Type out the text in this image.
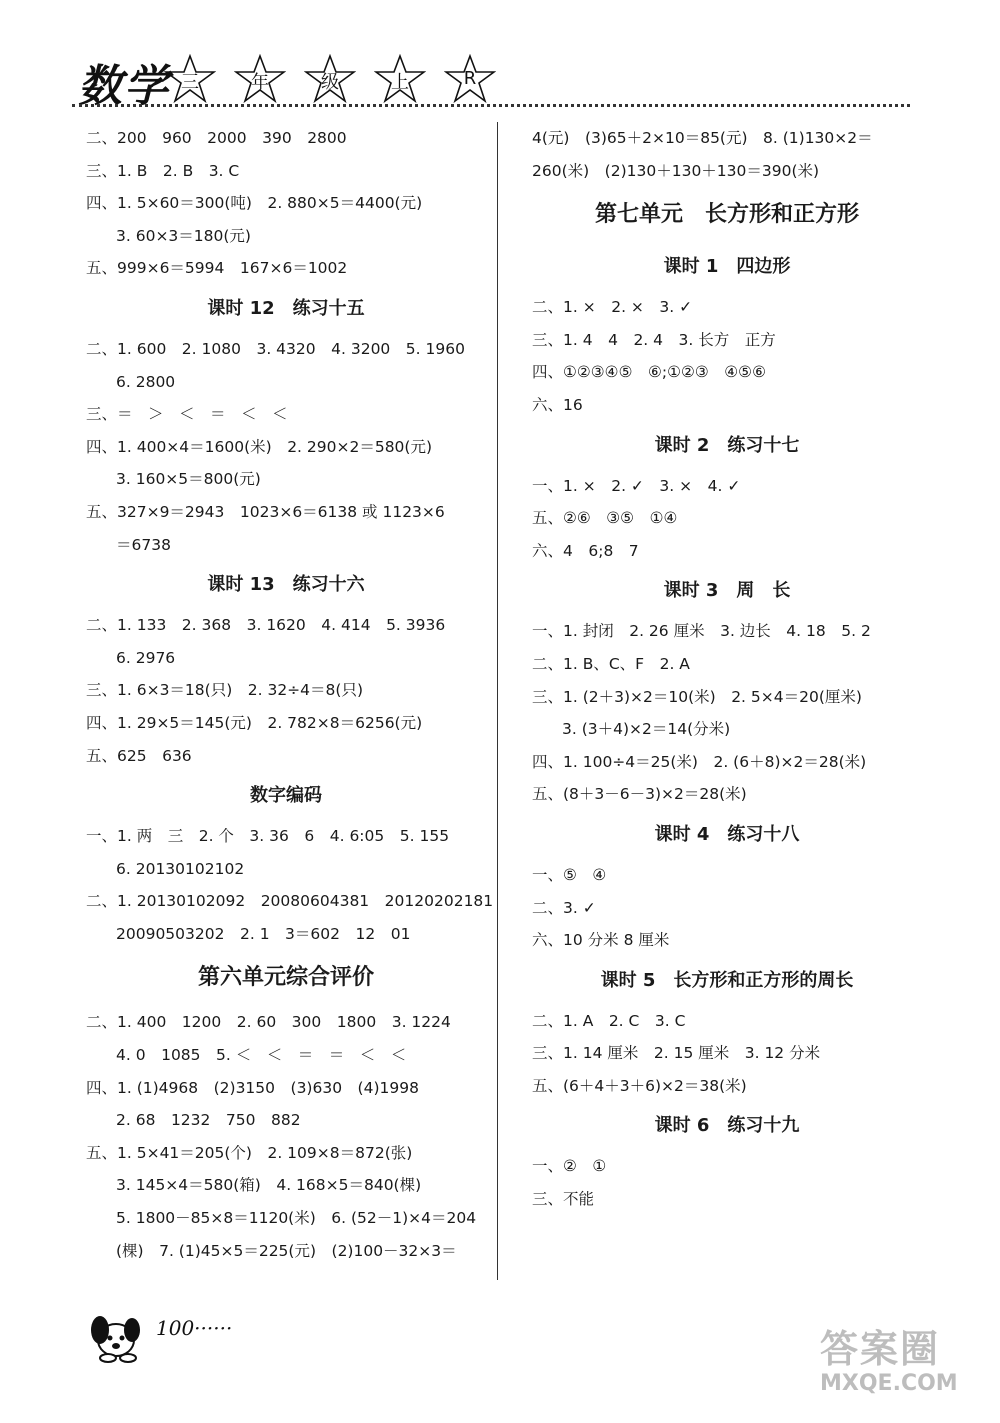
数学 三	年	级	上	R
二、200　960　2000　390　2800
三、1. B　2. B　3. C
四、1. 5×60＝300(吨)　2. 880×5＝4400(元)
3. 60×3＝180(元)
五、999×6＝5994　167×6＝1002
课时 12　练习十五
二、1. 600　2. 1080　3. 4320　4. 3200　5. 1960
6. 2800
三、＝　＞　＜　＝　＜　＜
四、1. 400×4＝1600(米)　2. 290×2＝580(元)
3. 160×5＝800(元)
五、327×9＝2943　1023×6＝6138 或 1123×6
＝6738
课时 13　练习十六
二、1. 133　2. 368　3. 1620　4. 414　5. 3936
6. 2976
三、1. 6×3＝18(只)　2. 32÷4＝8(只)
四、1. 29×5＝145(元)　2. 782×8＝6256(元)
五、625　636
数字编码
一、1. 两　三　2. 个　3. 36　6　4. 6:05　5. 155
6. 20130102102
二、1. 20130102092　20080604381　20120202181
20090503202　2. 1　3＝602　12　01
第六单元综合评价
二、1. 400　1200　2. 60　300　1800　3. 1224
4. 0　1085　5. ＜　＜　＝　＝　＜　＜
四、1. (1)4968　(2)3150　(3)630　(4)1998
2. 68　1232　750　882
五、1. 5×41＝205(个)　2. 109×8＝872(张)
3. 145×4＝580(箱)　4. 168×5＝840(棵)
5. 1800－85×8＝1120(米)　6. (52－1)×4＝204
(棵)　7. (1)45×5＝225(元)　(2)100－32×3＝
4(元)　(3)65＋2×10＝85(元)　8. (1)130×2＝
260(米)　(2)130＋130＋130＝390(米)
第七单元　长方形和正方形
课时 1　四边形
二、1. ×　2. ×　3. ✓
三、1. 4　4　2. 4　3. 长方　正方
四、①②③④⑤　⑥;①②③　④⑤⑥
六、16
课时 2　练习十七
一、1. ×　2. ✓　3. ×　4. ✓
五、②⑥　③⑤　①④
六、4　6;8　7
课时 3　周　长
一、1. 封闭　2. 26 厘米　3. 边长　4. 18　5. 2
二、1. B、C、F　2. A
三、1. (2＋3)×2＝10(米)　2. 5×4＝20(厘米)
3. (3＋4)×2＝14(分米)
四、1. 100÷4＝25(米)　2. (6＋8)×2＝28(米)
五、(8＋3－6－3)×2＝28(米)
课时 4　练习十八
一、⑤　④
二、3. ✓
六、10 分米 8 厘米
课时 5　长方形和正方形的周长
二、1. A　2. C　3. C
三、1. 14 厘米　2. 15 厘米　3. 12 分米
五、(6＋4＋3＋6)×2＝38(米)
课时 6　练习十九
一、②　①
三、不能
100······	答案圈
MXQE.COM
